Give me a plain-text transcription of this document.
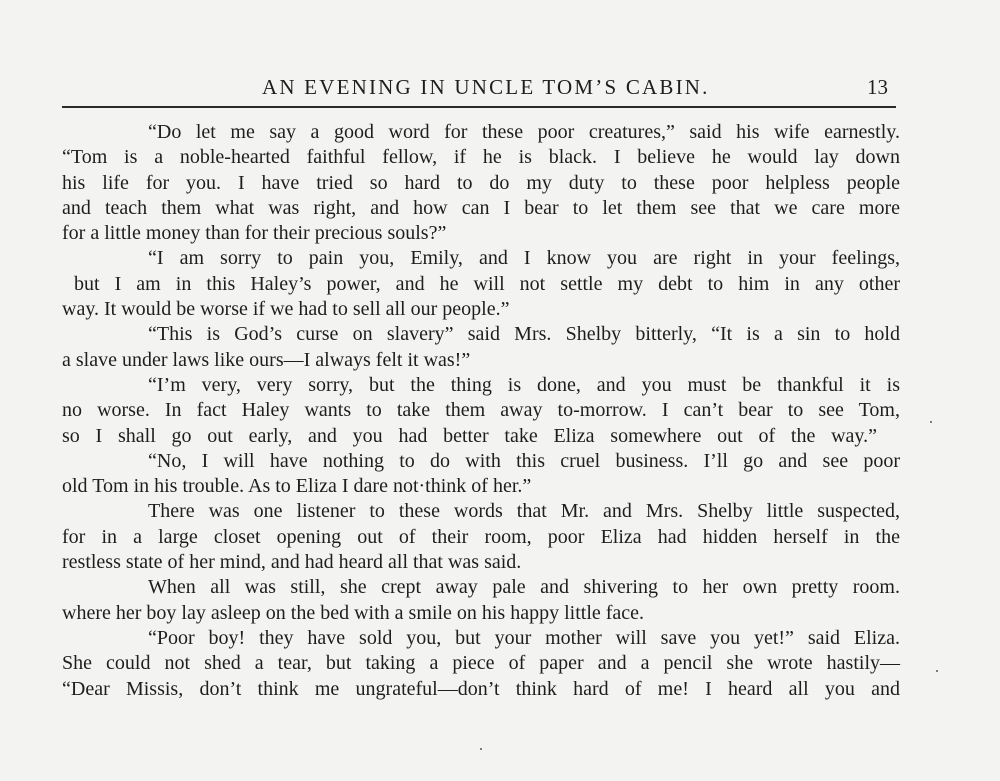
AN EVENING IN UNCLE TOM’S CABIN.	13
“Do let me say a good word for these poor creatures,” said his wife earnestly.
“Tom is a noble-hearted faithful fellow, if he is black. I believe he would lay down
his life for you. I have tried so hard to do my duty to these poor helpless people
and teach them what was right, and how can I bear to let them see that we care more
for a little money than for their precious souls?”
“I am sorry to pain you, Emily, and I know you are right in your feelings,
but I am in this Haley’s power, and he will not settle my debt to him in any other
way. It would be worse if we had to sell all our people.”
“This is God’s curse on slavery” said Mrs. Shelby bitterly, “It is a sin to hold
a slave under laws like ours—I always felt it was!”
“I’m very, very sorry, but the thing is done, and you must be thankful it is
no worse. In fact Haley wants to take them away to-morrow. I can’t bear to see Tom,
so I shall go out early, and you had better take Eliza somewhere out of the way.”
“No, I will have nothing to do with this cruel business. I’ll go and see poor
old Tom in his trouble. As to Eliza I dare not·think of her.”
There was one listener to these words that Mr. and Mrs. Shelby little suspected,
for in a large closet opening out of their room, poor Eliza had hidden herself in the
restless state of her mind, and had heard all that was said.
When all was still, she crept away pale and shivering to her own pretty room.
where her boy lay asleep on the bed with a smile on his happy little face.
“Poor boy! they have sold you, but your mother will save you yet!” said Eliza.
She could not shed a tear, but taking a piece of paper and a pencil she wrote hastily—
“Dear Missis, don’t think me ungrateful—don’t think hard of me! I heard all you and
